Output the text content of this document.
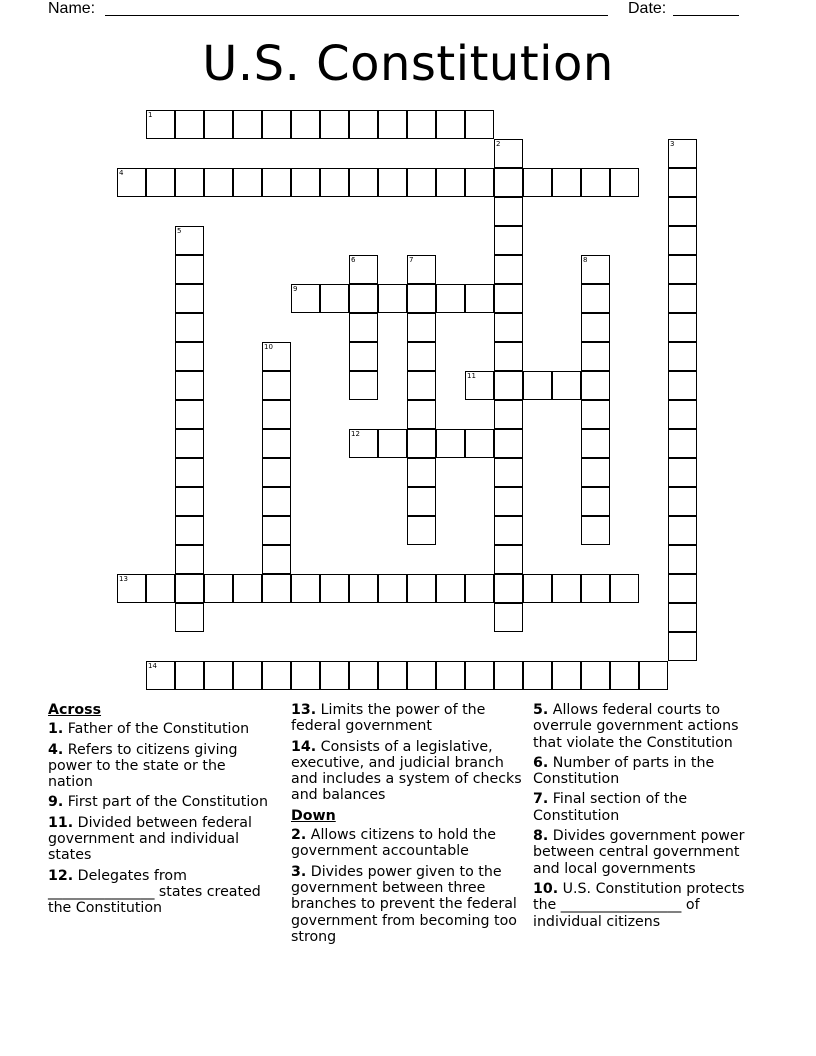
Name:	Date:
U.S. Constitution
1
2	3
4
5
6	7	8
9
10
11
12
13
14
Across
1. Father of the Constitution
4. Refers to citizens giving power to the state or the nation
9. First part of the Constitution
11. Divided between federal government and individual states
12. Delegates from _______________ states created the Constitution
13. Limits the power of the federal government
14. Consists of a legislative, executive, and judicial branch and includes a system of checks and balances
Down
2. Allows citizens to hold the government accountable
3. Divides power given to the government between three branches to prevent the federal government from becoming too strong
5. Allows federal courts to overrule government actions that violate the Constitution
6. Number of parts in the Constitution
7. Final section of the Constitution
8. Divides government power between central government and local governments
10. U.S. Constitution protects the _________________ of individual citizens
